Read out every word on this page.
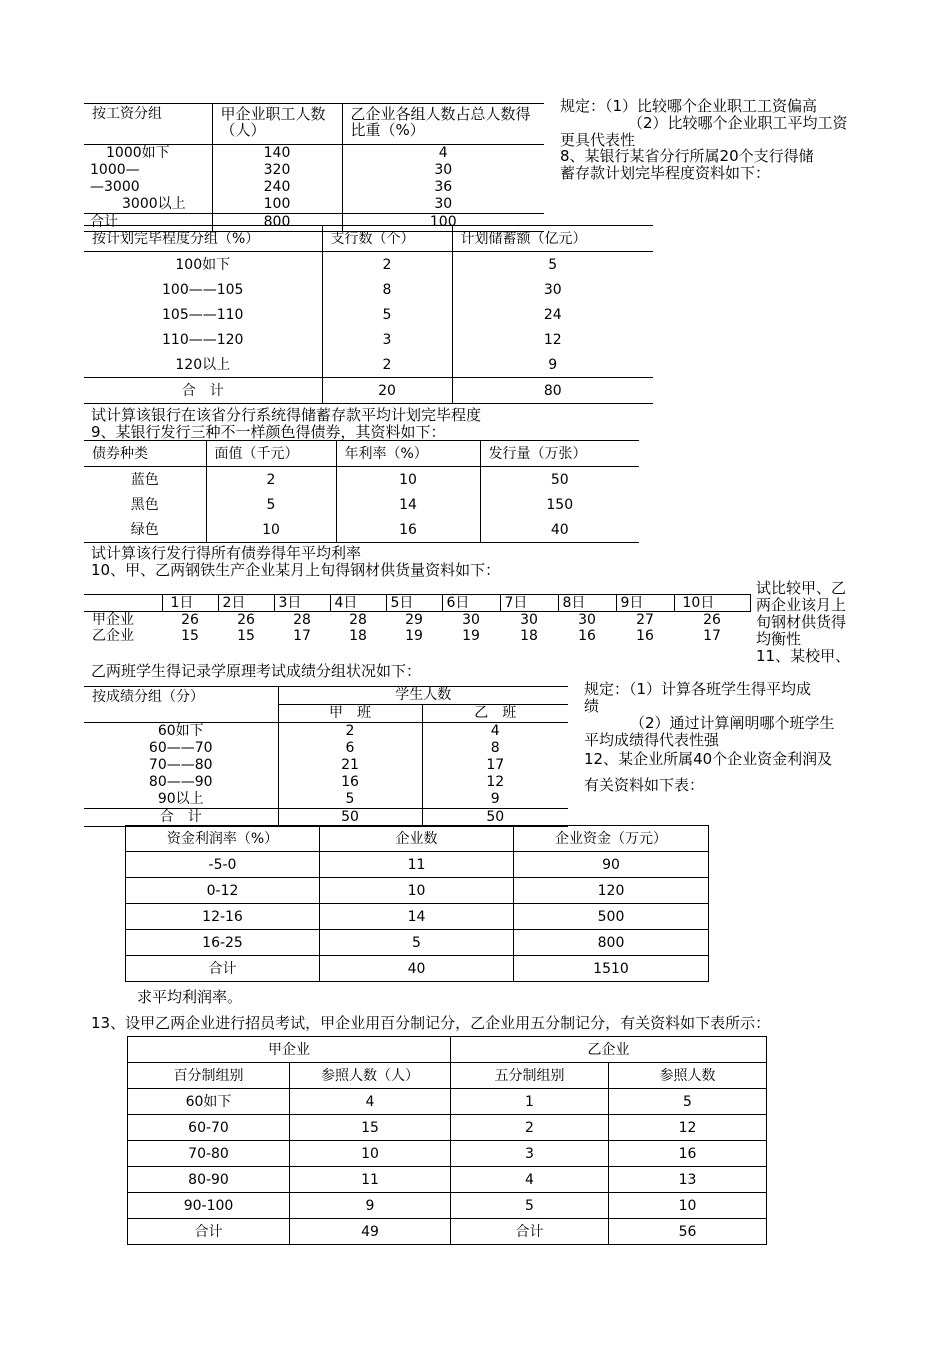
按工资分组	甲企业职工人数（人）	乙企业各组人数占总人数得比重（%）
1000如下	140	4
1000—	320	30
—3000	240	36
3000以上	100	30
合计	800	100
规定：（1）比较哪个企业职工工资偏高
（2）比较哪个企业职工平均工资
更具代表性
8、某银行某省分行所属20个支行得储
蓄存款计划完毕程度资料如下：
按计划完毕程度分组（%）	支行数（个）	计划储蓄额（亿元）
100如下	2	5
100——105	8	30
105——110	5	24
110——120	3	12
120以上	2	9
合　计	20	80
试计算该银行在该省分行系统得储蓄存款平均计划完毕程度
9、某银行发行三种不一样颜色得债券，其资料如下：
债券种类	面值（千元）	年利率（%）	发行量（万张）
蓝色	2	10	50
黑色	5	14	150
绿色	10	16	40
试计算该行发行得所有债券得年平均利率
10、甲、乙两钢铁生产企业某月上旬得钢材供货量资料如下：
	1日	2日	3日	4日	5日	6日	7日	8日	9日	10日
甲企业	26	26	28	28	29	30	30	30	27	26
乙企业	15	15	17	18	19	19	18	16	16	17
试比较甲、乙
两企业该月上
旬钢材供货得
均衡性
11、某校甲、
乙两班学生得记录学原理考试成绩分组状况如下：
按成绩分组（分）	学生人数	
	甲　班	乙　班
60如下	2	4
60——70	6	8
70——80	21	17
80——90	16	12
90以上	5	9
合　计	50	50
规定：（1）计算各班学生得平均成
绩
（2）通过计算阐明哪个班学生
平均成绩得代表性强
12、某企业所属40个企业资金利润及
有关资料如下表：
资金利润率（%）	企业数	企业资金（万元）
-5-0	11	90
0-12	10	120
12-16	14	500
16-25	5	800
合计	40	1510
求平均利润率。
13、设甲乙两企业进行招员考试，甲企业用百分制记分，乙企业用五分制记分，有关资料如下表所示：
甲企业		乙企业	
百分制组别	参照人数（人）	五分制组别	参照人数
60如下	4	1	5
60-70	15	2	12
70-80	10	3	16
80-90	11	4	13
90-100	9	5	10
合计	49	合计	56
